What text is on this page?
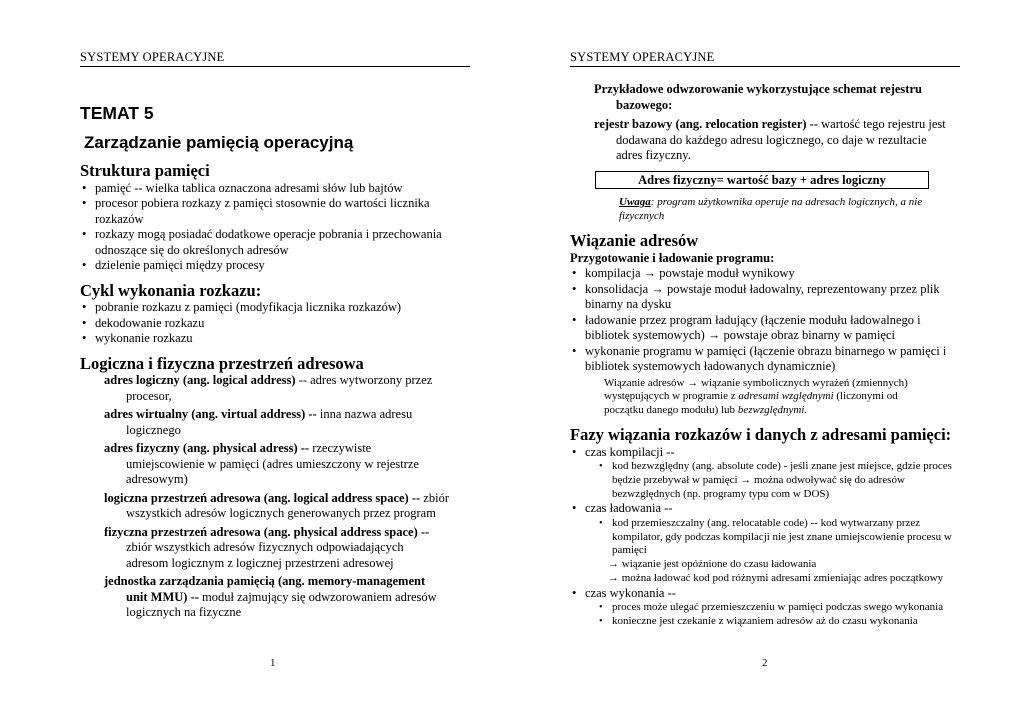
SYSTEMY OPERACYJNE
TEMAT 5
Zarządzanie pamięcią operacyjną
Struktura pamięci
• pamięć -- wielka tablica oznaczona adresami słów lub bajtów
• procesor pobiera rozkazy z pamięci stosownie do wartości licznika rozkazów
• rozkazy mogą posiadać dodatkowe operacje pobrania i przechowania odnoszące się do określonych adresów
• dzielenie pamięci między procesy
Cykl wykonania rozkazu:
• pobranie rozkazu z pamięci (modyfikacja licznika rozkazów)
• dekodowanie rozkazu
• wykonanie rozkazu
Logiczna i fizyczna przestrzeń adresowa

adres logiczny (ang. logical address) -- adres wytworzony przez procesor,

adres wirtualny (ang. virtual address) -- inna nazwa adresu logicznego

adres fizyczny (ang. physical adress) -- rzeczywiste umiejscowienie w pamięci (adres umieszczony w rejestrze adresowym)

logiczna przestrzeń adresowa (ang. logical address space) -- zbiór wszystkich adresów logicznych generowanych przez program

fizyczna przestrzeń adresowa (ang. physical address space) -- zbiór wszystkich adresów fizycznych odpowiadających adresom logicznym z logicznej przestrzeni adresowej

jednostka zarządzania pamięcią (ang. memory-management unit MMU) -- moduł zajmujący się odwzorowaniem adresów logicznych na fizyczne

1
SYSTEMY OPERACYJNE

Przykładowe odwzorowanie wykorzystujące schemat rejestru bazowego:

rejestr bazowy (ang. relocation register) -- wartość tego rejestru jest dodawana do każdego adresu logicznego, co daje w rezultacie adres fizyczny.

Adres fizyczny= wartość bazy + adres logiczny
Uwaga: program użytkownika operuje na adresach logicznych, a nie fizycznych
Wiązanie adresów
Przygotowanie i ładowanie programu:
• kompilacja → powstaje moduł wynikowy
• konsolidacja → powstaje moduł ładowalny, reprezentowany przez plik binarny na dysku
• ładowanie przez program ładujący (łączenie modułu ładowalnego i bibliotek systemowych) → powstaje obraz binarny w pamięci
• wykonanie programu w pamięci (łączenie obrazu binarnego w pamięci i bibliotek systemowych ładowanych dynamicznie)
Wiązanie adresów → wiązanie symbolicznych wyrażeń (zmiennych) występujących w programie z adresami względnymi (liczonymi od początku danego modułu) lub bezwzględnymi.
Fazy wiązania rozkazów i danych z adresami pamięci:
• czas kompilacji --
• kod bezwzględny (ang. absolute code) - jeśli znane jest miejsce, gdzie proces będzie przebywał w pamięci → można odwoływać się do adresów bezwzględnych (np. programy typu com w DOS)
• czas ładowania --
• kod przemieszczalny (ang. relocatable code) -- kod wytwarzany przez kompilator, gdy podczas kompilacji nie jest znane umiejscowienie procesu w pamięci
→ wiązanie jest opóźnione do czasu ładowania
→ można ładować kod pod różnymi adresami zmieniając adres początkowy
• czas wykonania --
• proces może ulegać przemieszczeniu w pamięci podczas swego wykonania
• konieczne jest czekanie z wiązaniem adresów aż do czasu wykonania
2
